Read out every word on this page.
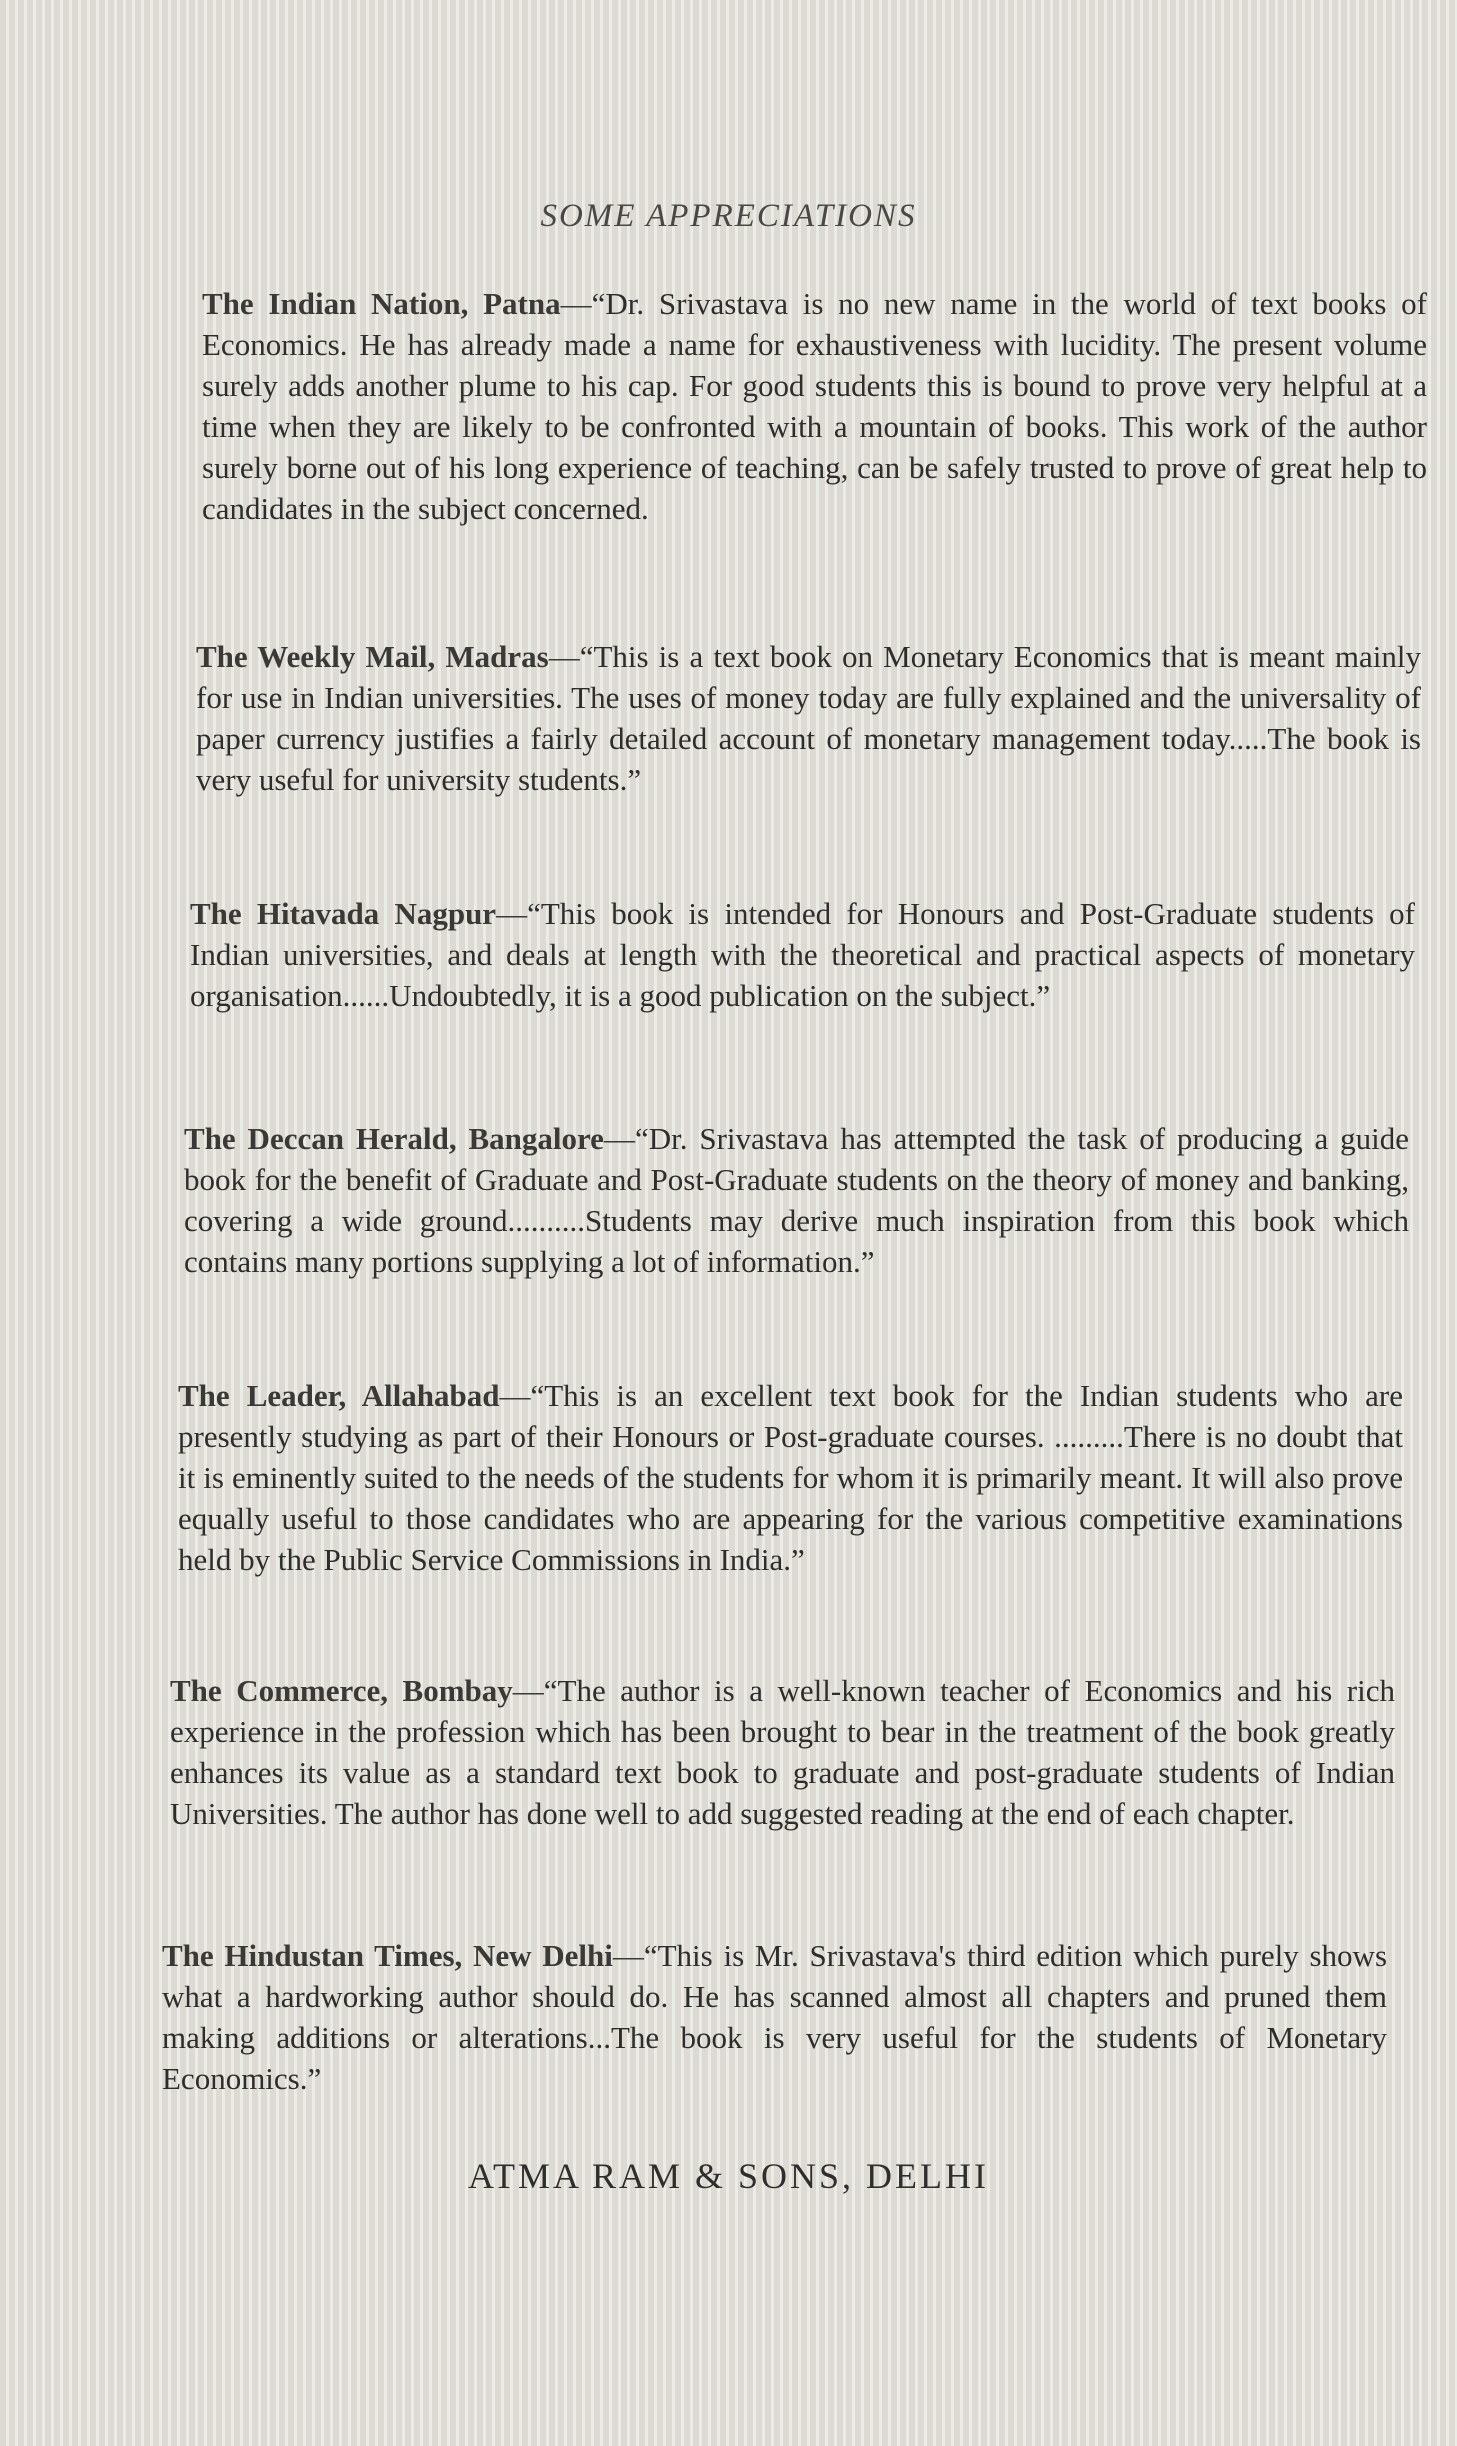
SOME APPRECIATIONS
The Indian Nation, Patna—“Dr. Srivastava is no new name in the world of text books of Economics. He has already made a name for exhaustiveness with lucidity. The present volume surely adds another plume to his cap. For good students this is bound to prove very helpful at a time when they are likely to be confronted with a mountain of books. This work of the author surely borne out of his long experience of teaching, can be safely trusted to prove of great help to candidates in the subject concerned.
The Weekly Mail, Madras—“This is a text book on Monetary Economics that is meant mainly for use in Indian universities. The uses of money today are fully explained and the universality of paper currency justifies a fairly detailed account of monetary management today.....The book is very useful for university students.”
The Hitavada Nagpur—“This book is intended for Honours and Post-Graduate students of Indian universities, and deals at length with the theoretical and practical aspects of monetary organisation......Undoubtedly, it is a good publication on the subject.”
The Deccan Herald, Bangalore—“Dr. Srivastava has attempted the task of producing a guide book for the benefit of Graduate and Post-Graduate students on the theory of money and banking, covering a wide ground..........Students may derive much inspiration from this book which contains many portions supplying a lot of information.”
The Leader, Allahabad—“This is an excellent text book for the Indian students who are presently studying as part of their Honours or Post-graduate courses. .........There is no doubt that it is eminently suited to the needs of the students for whom it is primarily meant. It will also prove equally useful to those candidates who are appearing for the various competitive examinations held by the Public Service Commissions in India.”
The Commerce, Bombay—“The author is a well-known teacher of Economics and his rich experience in the profession which has been brought to bear in the treatment of the book greatly enhances its value as a standard text book to graduate and post-graduate students of Indian Universities. The author has done well to add suggested reading at the end of each chapter.
The Hindustan Times, New Delhi—“This is Mr. Srivastava's third edition which purely shows what a hardworking author should do. He has scanned almost all chapters and pruned them making additions or alterations...The book is very useful for the students of Monetary Economics.”
ATMA RAM & SONS, DELHI
